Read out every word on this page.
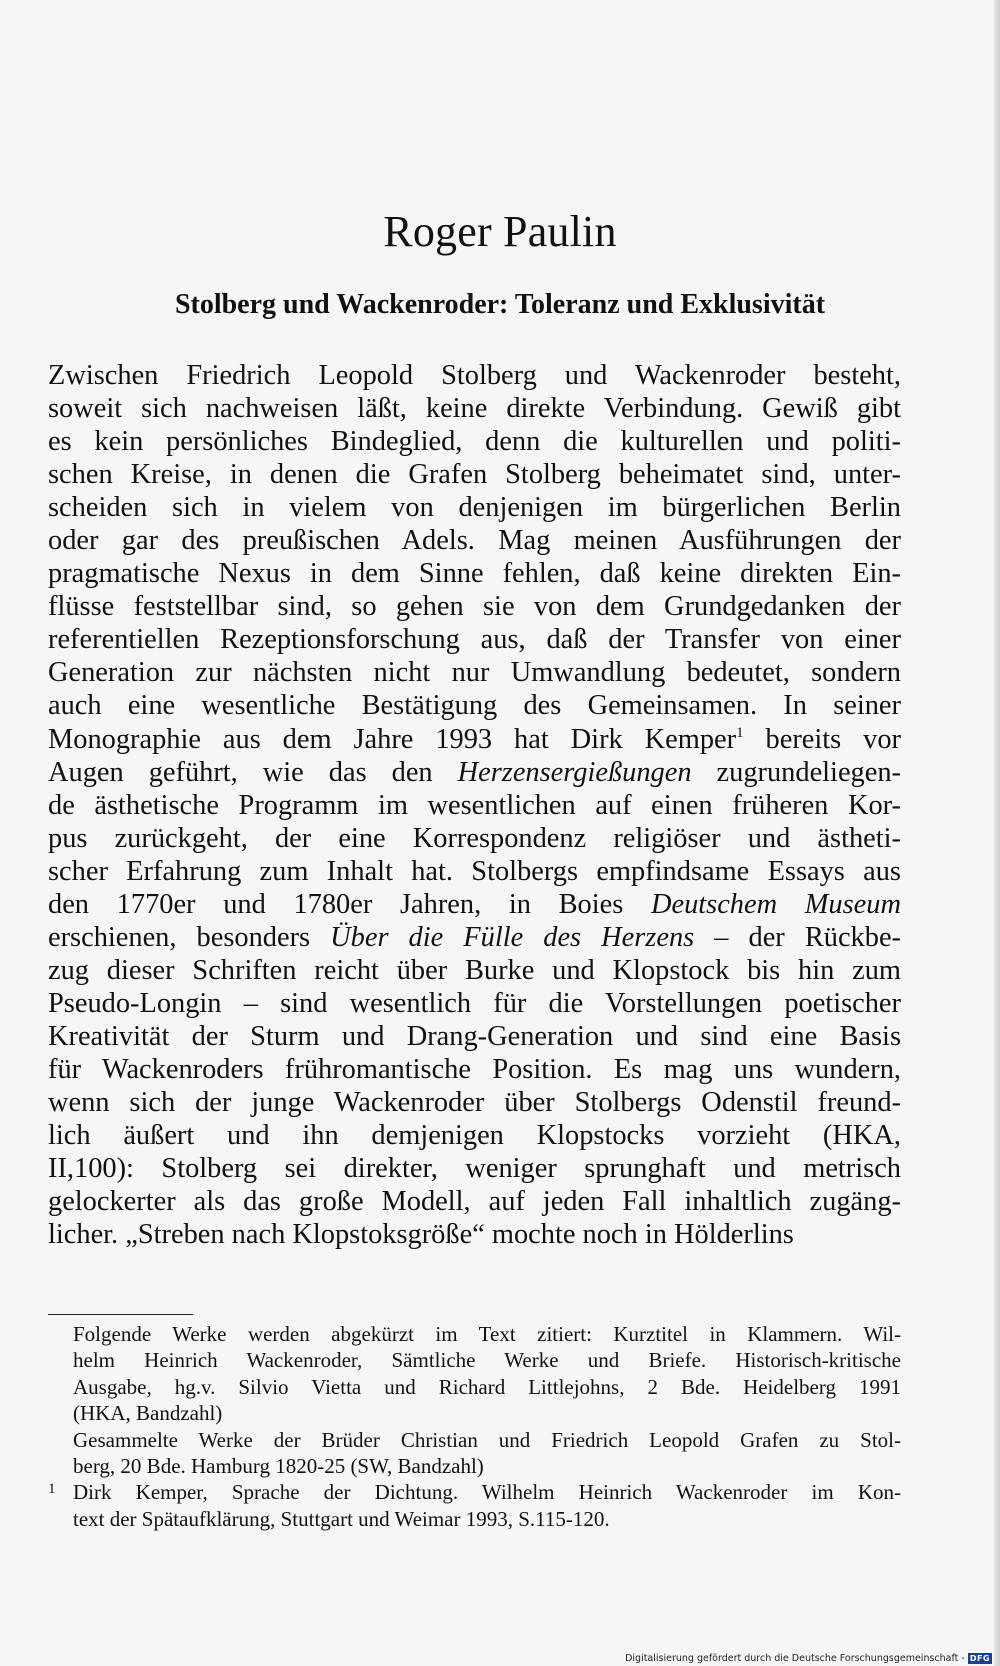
Roger Paulin
Stolberg und Wackenroder: Toleranz und Exklusivität
Zwischen Friedrich Leopold Stolberg und Wackenroder besteht,
soweit sich nachweisen läßt, keine direkte Verbindung. Gewiß gibt
es kein persönliches Bindeglied, denn die kulturellen und politi-
schen Kreise, in denen die Grafen Stolberg beheimatet sind, unter-
scheiden sich in vielem von denjenigen im bürgerlichen Berlin
oder gar des preußischen Adels. Mag meinen Ausführungen der
pragmatische Nexus in dem Sinne fehlen, daß keine direkten Ein-
flüsse feststellbar sind, so gehen sie von dem Grundgedanken der
referentiellen Rezeptionsforschung aus, daß der Transfer von einer
Generation zur nächsten nicht nur Umwandlung bedeutet, sondern
auch eine wesentliche Bestätigung des Gemeinsamen. In seiner
Monographie aus dem Jahre 1993 hat Dirk Kemper$^1$ bereits vor
Augen geführt, wie das den Herzensergießungen zugrundeliegen-
de ästhetische Programm im wesentlichen auf einen früheren Kor-
pus zurückgeht, der eine Korrespondenz religiöser und ästheti-
scher Erfahrung zum Inhalt hat. Stolbergs empfindsame Essays aus
den 1770er und 1780er Jahren, in Boies Deutschem Museum
erschienen, besonders Über die Fülle des Herzens – der Rückbe-
zug dieser Schriften reicht über Burke und Klopstock bis hin zum
Pseudo-Longin – sind wesentlich für die Vorstellungen poetischer
Kreativität der Sturm und Drang-Generation und sind eine Basis
für Wackenroders frühromantische Position. Es mag uns wundern,
wenn sich der junge Wackenroder über Stolbergs Odenstil freund-
lich äußert und ihn demjenigen Klopstocks vorzieht (HKA,
II,100): Stolberg sei direkter, weniger sprunghaft und metrisch
gelockerter als das große Modell, auf jeden Fall inhaltlich zugäng-
licher. „Streben nach Klopstoksgröße“ mochte noch in Hölderlins
Folgende Werke werden abgekürzt im Text zitiert: Kurztitel in Klammern. Wil-
helm Heinrich Wackenroder, Sämtliche Werke und Briefe. Historisch-kritische
Ausgabe, hg.v. Silvio Vietta und Richard Littlejohns, 2 Bde. Heidelberg 1991
(HKA, Bandzahl)
Gesammelte Werke der Brüder Christian und Friedrich Leopold Grafen zu Stol-
berg, 20 Bde. Hamburg 1820-25 (SW, Bandzahl)
1 Dirk Kemper, Sprache der Dichtung. Wilhelm Heinrich Wackenroder im Kon-
text der Spätaufklärung, Stuttgart und Weimar 1993, S.115-120.
Digitalisierung gefördert durch die Deutsche Forschungsgemeinschaft - DFG
